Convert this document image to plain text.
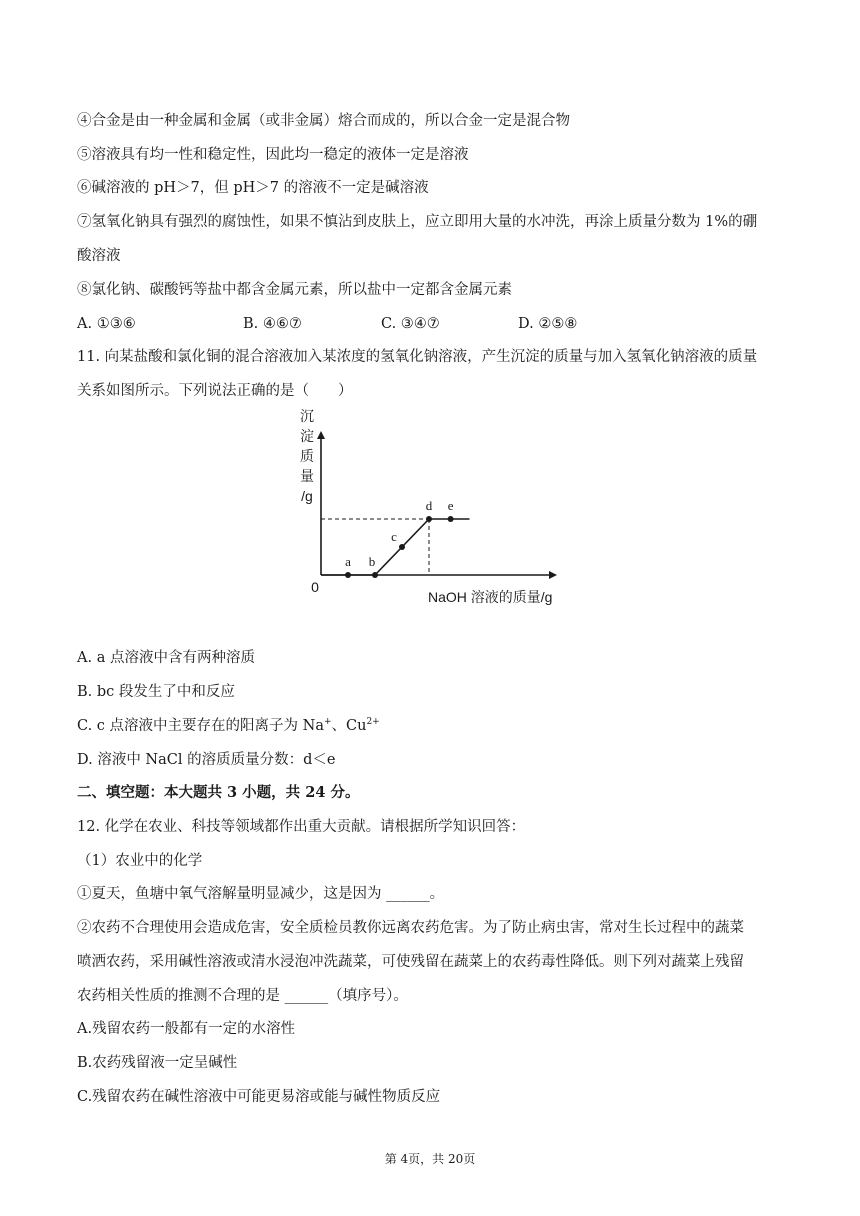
④合金是由一种金属和金属（或非金属）熔合而成的，所以合金一定是混合物
⑤溶液具有均一性和稳定性，因此均一稳定的液体一定是溶液
⑥碱溶液的 pH＞7，但 pH＞7 的溶液不一定是碱溶液
⑦氢氧化钠具有强烈的腐蚀性，如果不慎沾到皮肤上，应立即用大量的水冲洗，再涂上质量分数为 1%的硼
酸溶液
⑧氯化钠、碳酸钙等盐中都含金属元素，所以盐中一定都含金属元素
A. ①③⑥	B. ④⑥⑦	C. ③④⑦	D. ②⑤⑧
11. 向某盐酸和氯化铜的混合溶液加入某浓度的氢氧化钠溶液，产生沉淀的质量与加入氢氧化钠溶液的质量
关系如图所示。下列说法正确的是（　　）
沉
淀
质
量
/g
0
NaOH 溶液的质量/g
a b
c
d e
A. a 点溶液中含有两种溶质
B. bc 段发生了中和反应
C. c 点溶液中主要存在的阳离子为 Na+、$Cu^{2+}$
D. 溶液中 NaCl 的溶质质量分数：d＜e
二、填空题：本大题共 3 小题，共 24 分。
12. 化学在农业、科技等领域都作出重大贡献。请根据所学知识回答：
（1）农业中的化学
①夏天，鱼塘中氧气溶解量明显减少，这是因为 ______。
②农药不合理使用会造成危害，安全质检员教你远离农药危害。为了防止病虫害，常对生长过程中的蔬菜
喷洒农药，采用碱性溶液或清水浸泡冲洗蔬菜，可使残留在蔬菜上的农药毒性降低。则下列对蔬菜上残留
农药相关性质的推测不合理的是 ______（填序号）。
A.残留农药一般都有一定的水溶性
B.农药残留液一定呈碱性
C.残留农药在碱性溶液中可能更易溶或能与碱性物质反应
第 4页，共 20页
